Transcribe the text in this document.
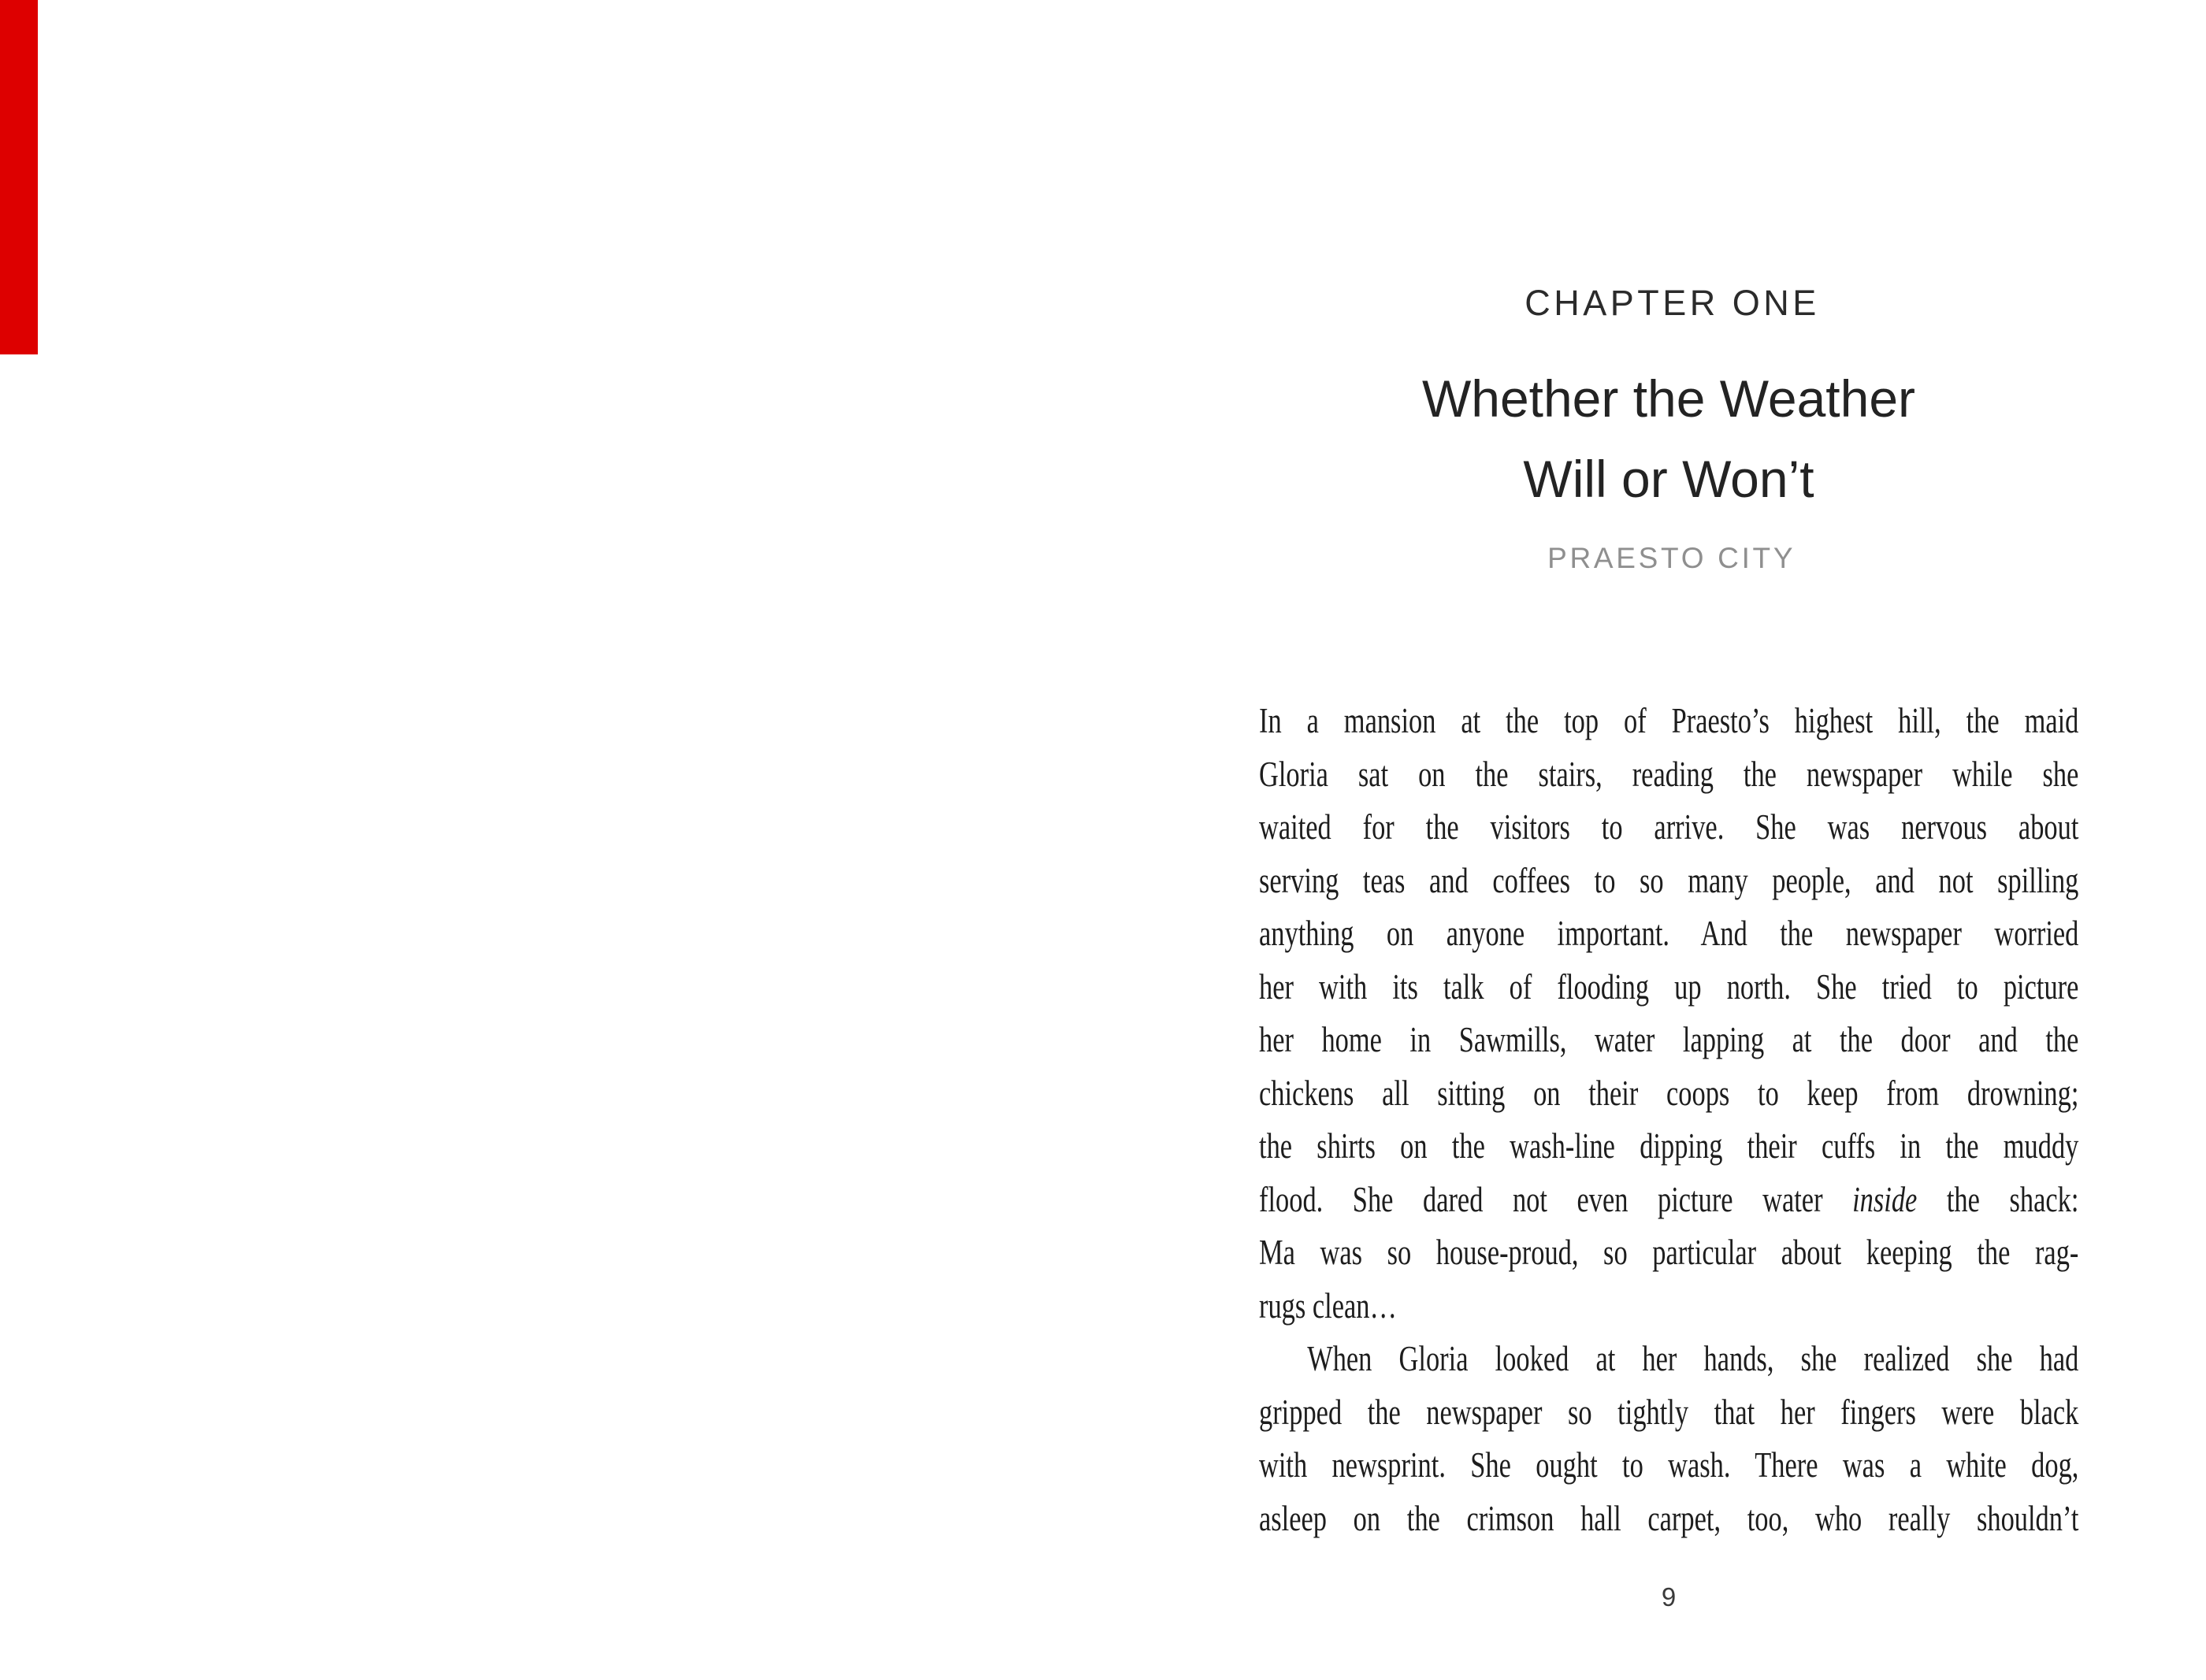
CHAPTER ONE
Whether the Weather
Will or Won’t
PRAESTO CITY
In a mansion at the top of Praesto’s highest hill, the maid
Gloria sat on the stairs, reading the newspaper while she
waited for the visitors to arrive. She was nervous about
serving teas and coffees to so many people, and not spilling
anything on anyone important. And the newspaper worried
her with its talk of flooding up north. She tried to picture
her home in Sawmills, water lapping at the door and the
chickens all sitting on their coops to keep from drowning;
the shirts on the wash-line dipping their cuffs in the muddy
flood. She dared not even picture water inside the shack:
Ma was so house-proud, so particular about keeping the rag-
rugs clean…
When Gloria looked at her hands, she realized she had
gripped the newspaper so tightly that her fingers were black
with newsprint. She ought to wash. There was a white dog,
asleep on the crimson hall carpet, too, who really shouldn’t
9
